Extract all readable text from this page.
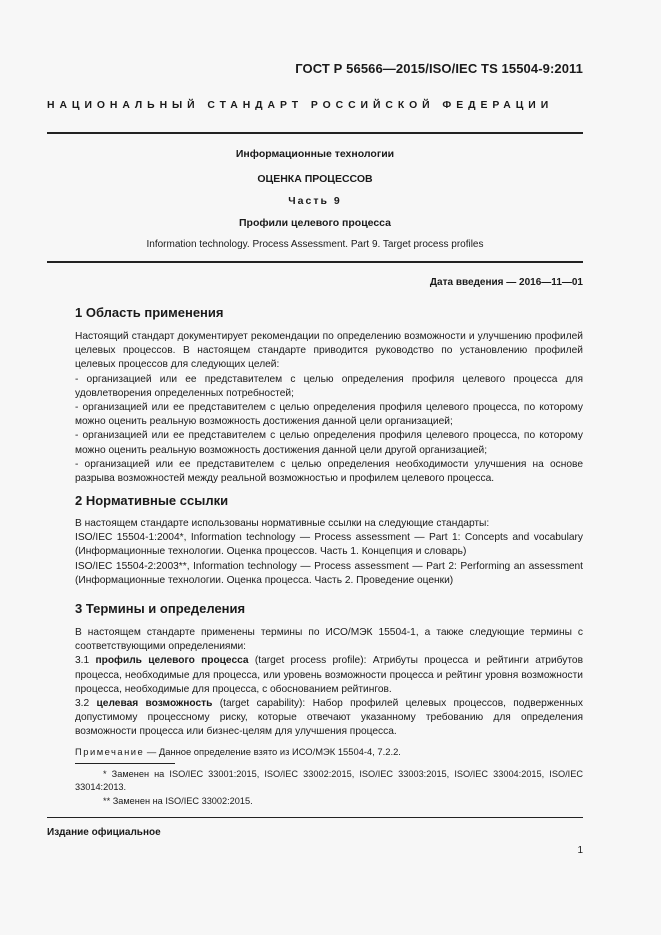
ГОСТ Р 56566—2015/ISO/IEC TS 15504-9:2011
НАЦИОНАЛЬНЫЙ СТАНДАРТ РОССИЙСКОЙ ФЕДЕРАЦИИ
Информационные технологии
ОЦЕНКА ПРОЦЕССОВ
Часть 9
Профили целевого процесса
Information technology. Process Assessment. Part 9. Target process profiles
Дата введения — 2016—11—01
1 Область применения

Настоящий стандарт документирует рекомендации по определению возможности и улучшению профилей целевых процессов. В настоящем стандарте приводится руководство по установлению профилей целевых процессов для следующих целей:

- организацией или ее представителем с целью определения профиля целевого процесса для удовлетворения определенных потребностей;

- организацией или ее представителем с целью определения профиля целевого процесса, по которому можно оценить реальную возможность достижения данной цели организацией;

- организацией или ее представителем с целью определения профиля целевого процесса, по которому можно оценить реальную возможность достижения данной цели другой организацией;

- организацией или ее представителем с целью определения необходимости улучшения на основе разрыва возможностей между реальной возможностью и профилем целевого процесса.

2 Нормативные ссылки

В настоящем стандарте использованы нормативные ссылки на следующие стандарты:

ISO/IEC 15504-1:2004*, Information technology — Process assessment — Part 1: Concepts and vocabulary (Информационные технологии. Оценка процессов. Часть 1. Концепция и словарь)

ISO/IEC 15504-2:2003**, Information technology — Process assessment — Part 2: Performing an assessment (Информационные технологии. Оценка процесса. Часть 2. Проведение оценки)

3 Термины и определения

В настоящем стандарте применены термины по ИСО/МЭК 15504-1, а также следующие термины с соответствующими определениями:

3.1 профиль целевого процесса (target process profile): Атрибуты процесса и рейтинги атрибутов процесса, необходимые для процесса, или уровень возможности процесса и рейтинг уровня возможности процесса, необходимые для процесса, с обоснованием рейтингов.

3.2 целевая возможность (target capability): Набор профилей целевых процессов, подверженных допустимому процессному риску, которые отвечают указанному требованию для определения возможности процесса или бизнес-целям для улучшения процесса.

Примечание — Данное определение взято из ИСО/МЭК 15504-4, 7.2.2.

* Заменен на ISO/IEC 33001:2015, ISO/IEC 33002:2015, ISO/IEC 33003:2015, ISO/IEC 33004:2015, ISO/IEC 33014:2013.

** Заменен на ISO/IEC 33002:2015.

Издание официальное
1
